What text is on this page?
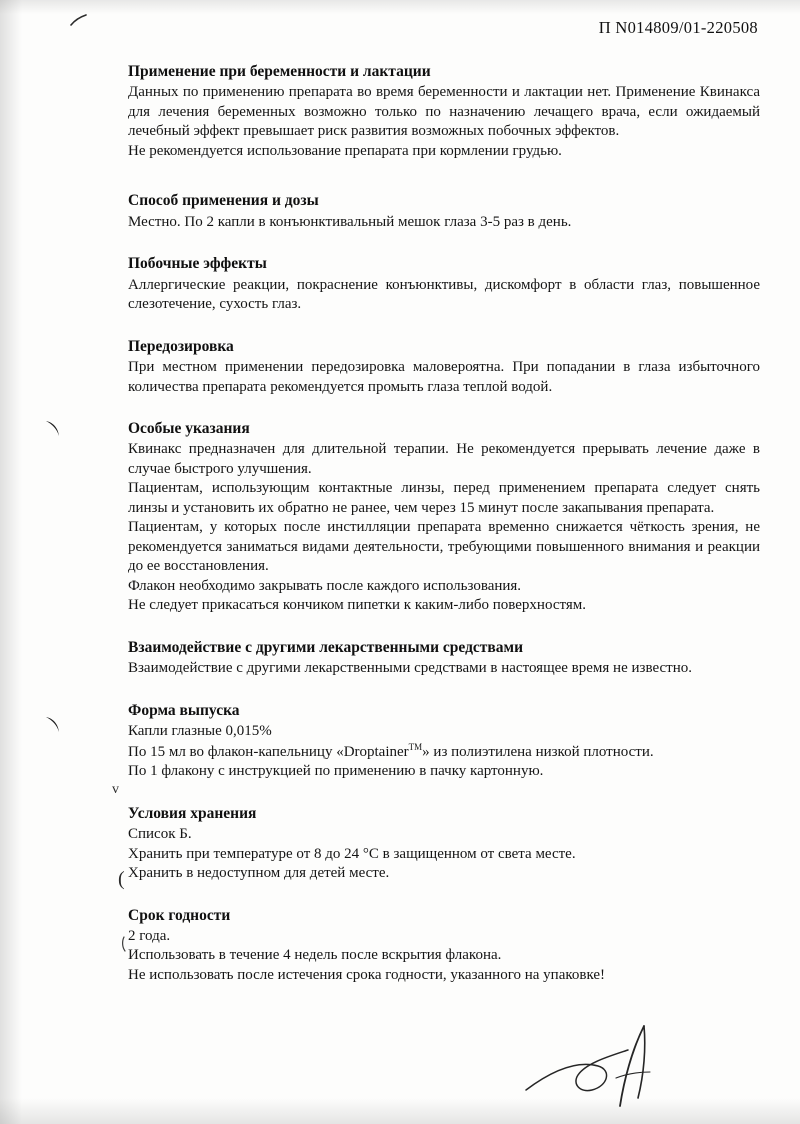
П N014809/01-220508
Применение при беременности и лактации

Данных по применению препарата во время беременности и лактации нет. Применение Квинакса для лечения беременных возможно только по назначению лечащего врача, если ожидаемый лечебный эффект превышает риск развития возможных побочных эффектов.

Не рекомендуется использование препарата при кормлении грудью.

Способ применения и дозы

Местно. По 2 капли в конъюнктивальный мешок глаза 3-5 раз в день.

Побочные эффекты

Аллергические реакции, покраснение конъюнктивы, дискомфорт в области глаз, повышенное слезотечение, сухость глаз.

Передозировка

При местном применении передозировка маловероятна. При попадании в глаза избыточного количества препарата рекомендуется промыть глаза теплой водой.

Особые указания

Квинакс предназначен для длительной терапии. Не рекомендуется прерывать лечение даже в случае быстрого улучшения.

Пациентам, использующим контактные линзы, перед применением препарата следует снять линзы и установить их обратно не ранее, чем через 15 минут после закапывания препарата.

Пациентам, у которых после инстилляции препарата временно снижается чёткость зрения, не рекомендуется заниматься видами деятельности, требующими повышенного внимания и реакции до ее восстановления.

Флакон необходимо закрывать после каждого использования.

Не следует прикасаться кончиком пипетки к каким-либо поверхностям.

Взаимодействие с другими лекарственными средствами

Взаимодействие с другими лекарственными средствами в настоящее время не известно.

Форма выпуска

Капли глазные 0,015%

По 15 мл во флакон-капельницу «Droptainer™» из полиэтилена низкой плотности.

По 1 флакону с инструкцией по применению в пачку картонную.

Условия хранения

Список Б.

Хранить при температуре от 8 до 24 °C в защищенном от света месте.

Хранить в недоступном для детей месте.

Срок годности

2 года.

Использовать в течение 4 недель после вскрытия флакона.

Не использовать после истечения срока годности, указанного на упаковке!

v
(
